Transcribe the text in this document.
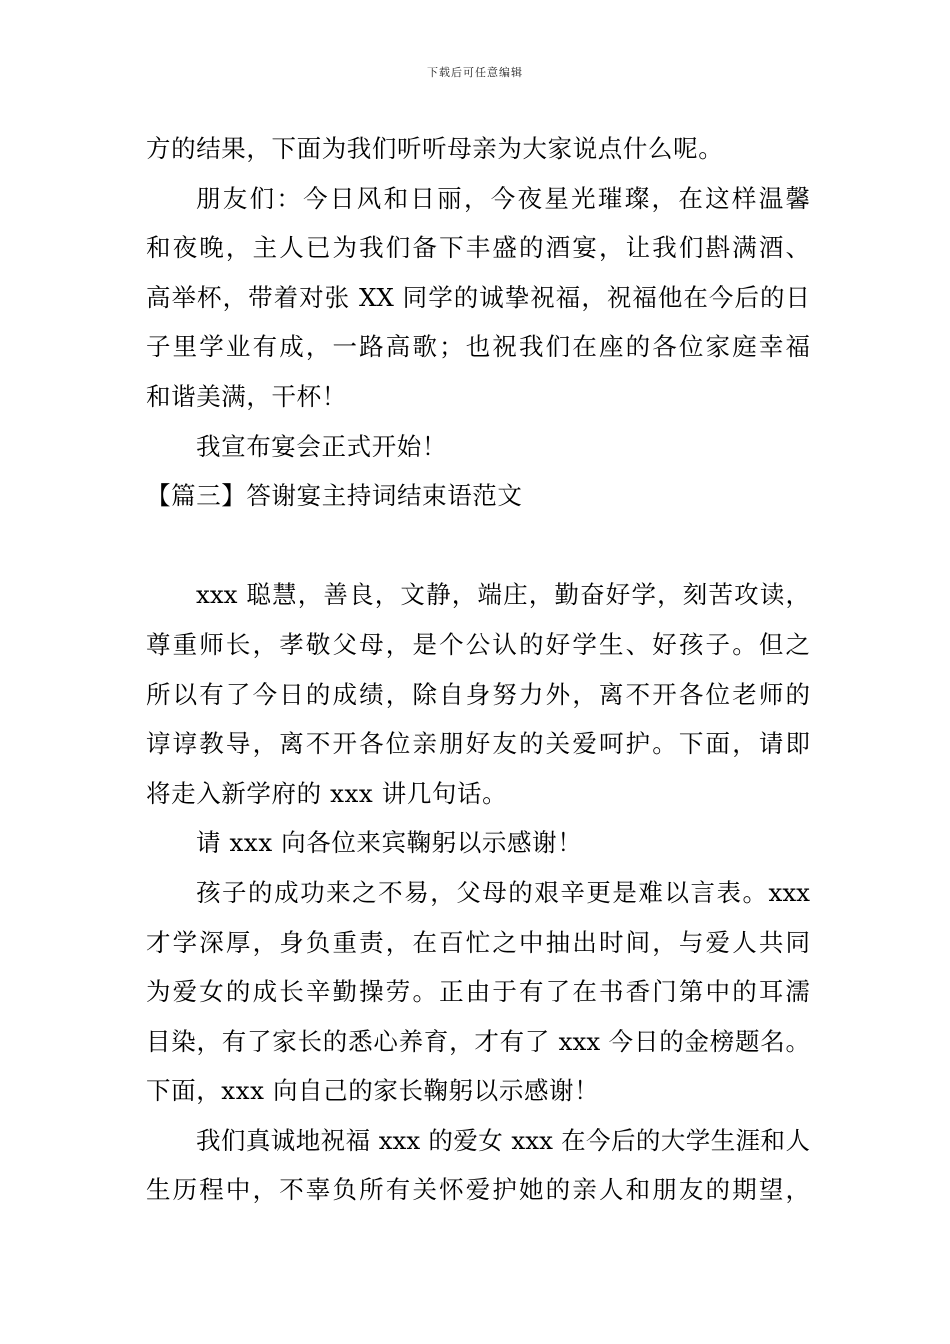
下载后可任意编辑
方的结果，下面为我们听听母亲为大家说点什么呢。
朋友们：今日风和日丽，今夜星光璀璨，在这样温馨
和夜晚，主人已为我们备下丰盛的酒宴，让我们斟满酒、
高举杯，带着对张 XX 同学的诚挚祝福，祝福他在今后的日
子里学业有成，一路高歌；也祝我们在座的各位家庭幸福
和谐美满，干杯！
我宣布宴会正式开始！
【篇三】答谢宴主持词结束语范文
xxx 聪慧，善良，文静，端庄，勤奋好学，刻苦攻读，
尊重师长，孝敬父母，是个公认的好学生、好孩子。但之
所以有了今日的成绩，除自身努力外，离不开各位老师的
谆谆教导，离不开各位亲朋好友的关爱呵护。下面，请即
将走入新学府的 xxx 讲几句话。
请 xxx 向各位来宾鞠躬以示感谢！
孩子的成功来之不易，父母的艰辛更是难以言表。xxx
才学深厚，身负重责，在百忙之中抽出时间，与爱人共同
为爱女的成长辛勤操劳。正由于有了在书香门第中的耳濡
目染，有了家长的悉心养育，才有了 xxx 今日的金榜题名。
下面，xxx 向自己的家长鞠躬以示感谢！
我们真诚地祝福 xxx 的爱女 xxx 在今后的大学生涯和人
生历程中，不辜负所有关怀爱护她的亲人和朋友的期望，
